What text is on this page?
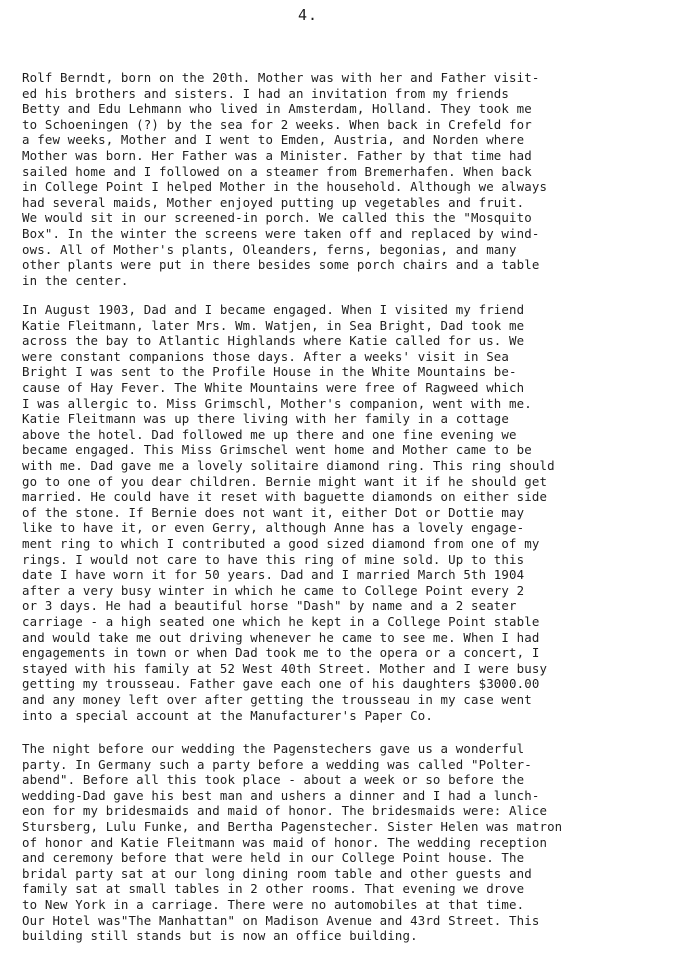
4.
Rolf Berndt, born on the 20th. Mother was with her and Father visit-
ed his brothers and sisters. I had an invitation from my friends
Betty and Edu Lehmann who lived in Amsterdam, Holland. They took me
to Schoeningen (?) by the sea for 2 weeks. When back in Crefeld for
a few weeks, Mother and I went to Emden, Austria, and Norden where
Mother was born. Her Father was a Minister. Father by that time had
sailed home and I followed on a steamer from Bremerhafen. When back
in College Point I helped Mother in the household. Although we always
had several maids, Mother enjoyed putting up vegetables and fruit.
We would sit in our screened-in porch. We called this the "Mosquito
Box". In the winter the screens were taken off and replaced by wind-
ows. All of Mother's plants, Oleanders, ferns, begonias, and many
other plants were put in there besides some porch chairs and a table
in the center.
In August 1903, Dad and I became engaged. When I visited my friend
Katie Fleitmann, later Mrs. Wm. Watjen, in Sea Bright, Dad took me
across the bay to Atlantic Highlands where Katie called for us. We
were constant companions those days. After a weeks' visit in Sea
Bright I was sent to the Profile House in the White Mountains be-
cause of Hay Fever. The White Mountains were free of Ragweed which
I was allergic to. Miss Grimschl, Mother's companion, went with me.
Katie Fleitmann was up there living with her family in a cottage
above the hotel. Dad followed me up there and one fine evening we
became engaged. This Miss Grimschel went home and Mother came to be
with me. Dad gave me a lovely solitaire diamond ring. This ring should
go to one of you dear children. Bernie might want it if he should get
married. He could have it reset with baguette diamonds on either side
of the stone. If Bernie does not want it, either Dot or Dottie may
like to have it, or even Gerry, although Anne has a lovely engage-
ment ring to which I contributed a good sized diamond from one of my
rings. I would not care to have this ring of mine sold. Up to this
date I have worn it for 50 years. Dad and I married March 5th 1904
after a very busy winter in which he came to College Point every 2
or 3 days. He had a beautiful horse "Dash" by name and a 2 seater
carriage - a high seated one which he kept in a College Point stable
and would take me out driving whenever he came to see me. When I had
engagements in town or when Dad took me to the opera or a concert, I
stayed with his family at 52 West 40th Street. Mother and I were busy
getting my trousseau. Father gave each one of his daughters $3000.00
and any money left over after getting the trousseau in my case went
into a special account at the Manufacturer's Paper Co.
The night before our wedding the Pagenstechers gave us a wonderful
party. In Germany such a party before a wedding was called "Polter-
abend". Before all this took place - about a week or so before the
wedding-Dad gave his best man and ushers a dinner and I had a lunch-
eon for my bridesmaids and maid of honor. The bridesmaids were: Alice
Stursberg, Lulu Funke, and Bertha Pagenstecher. Sister Helen was matron
of honor and Katie Fleitmann was maid of honor. The wedding reception
and ceremony before that were held in our College Point house. The
bridal party sat at our long dining room table and other guests and
family sat at small tables in 2 other rooms. That evening we drove
to New York in a carriage. There were no automobiles at that time.
Our Hotel was"The Manhattan" on Madison Avenue and 43rd Street. This
building still stands but is now an office building.
